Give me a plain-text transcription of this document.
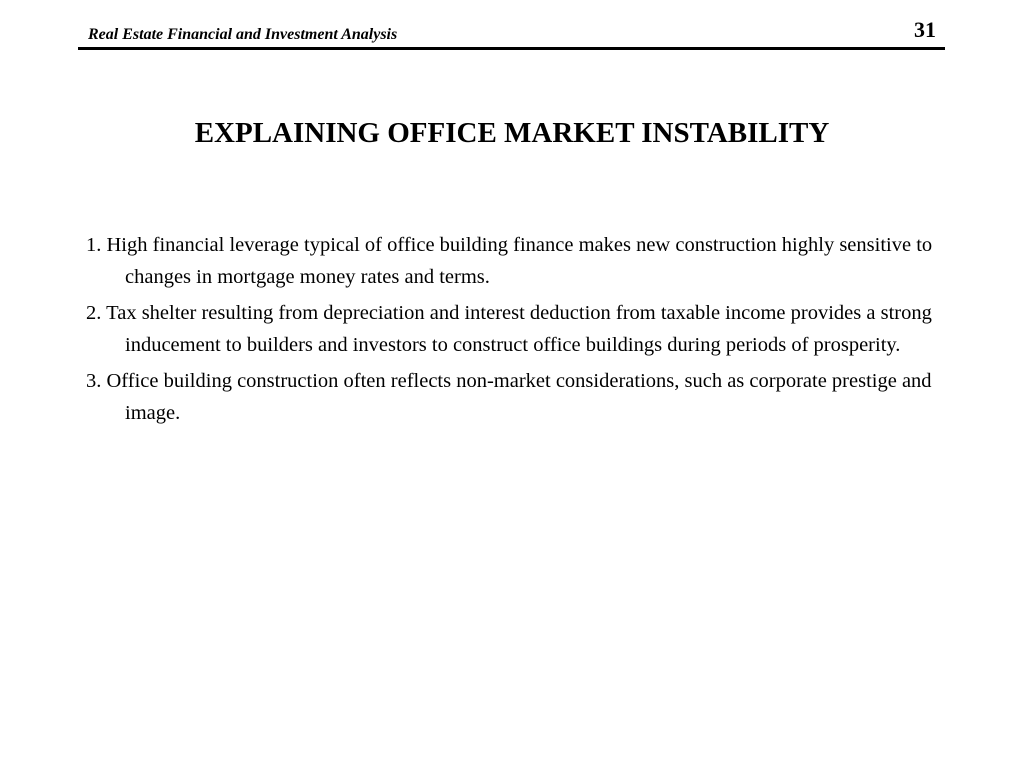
Real Estate Financial and Investment Analysis	31
EXPLAINING OFFICE MARKET INSTABILITY
1. High financial leverage typical of office building finance makes new construction highly sensitive to changes in mortgage money rates and terms.
2. Tax shelter resulting from depreciation and interest deduction from taxable income provides a strong inducement to builders and investors to construct office buildings during periods of prosperity.
3. Office building construction often reflects non-market considerations, such as corporate prestige and image.
